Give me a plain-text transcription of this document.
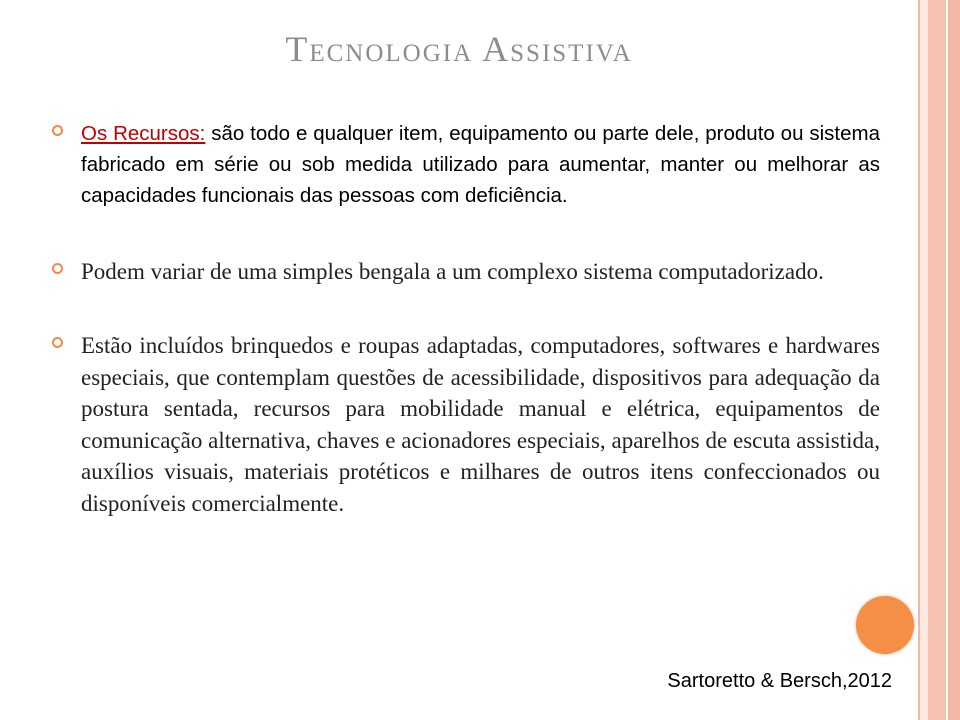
Tecnologia Assistiva
Os Recursos: são todo e qualquer item, equipamento ou parte dele, produto ou sistema fabricado em série ou sob medida utilizado para aumentar, manter ou melhorar as capacidades funcionais das pessoas com deficiência.
Podem variar de uma simples bengala a um complexo sistema computadorizado.
Estão incluídos brinquedos e roupas adaptadas, computadores, softwares e hardwares especiais, que contemplam questões de acessibilidade, dispositivos para adequação da postura sentada, recursos para mobilidade manual e elétrica, equipamentos de comunicação alternativa, chaves e acionadores especiais, aparelhos de escuta assistida, auxílios visuais, materiais protéticos e milhares de outros itens confeccionados ou disponíveis comercialmente.
Sartoretto & Bersch,2012
